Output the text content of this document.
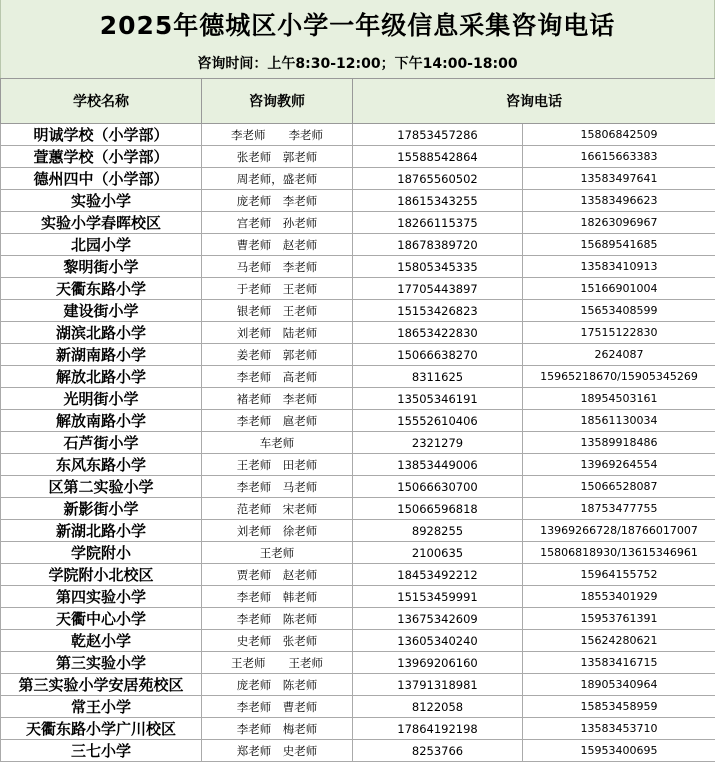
2025年德城区小学一年级信息采集咨询电话
咨询时间：上午8:30-12:00；下午14:00-18:00
学校名称	咨询教师	咨询电话	
明诚学校（小学部）	李老师　　李老师	17853457286	15806842509
萱蕙学校（小学部）	张老师　郭老师	15588542864	16615663383
德州四中（小学部）	周老师，盛老师	18765560502	13583497641
实验小学	庞老师　李老师	18615343255	13583496623
实验小学春晖校区	宫老师　孙老师	18266115375	18263096967
北园小学	曹老师　赵老师	18678389720	15689541685
黎明街小学	马老师　李老师	15805345335	13583410913
天衢东路小学	于老师　王老师	17705443897	15166901004
建设街小学	银老师　王老师	15153426823	15653408599
湖滨北路小学	刘老师　陆老师	18653422830	17515122830
新湖南路小学	姜老师　郭老师	15066638270	2624087
解放北路小学	李老师　高老师	8311625	15965218670/15905345269
光明街小学	褚老师　李老师	13505346191	18954503161
解放南路小学	李老师　扈老师	15552610406	18561130034
石芦街小学	车老师	2321279	13589918486
东风东路小学	王老师　田老师	13853449006	13969264554
区第二实验小学	李老师　马老师	15066630700	15066528087
新影街小学	范老师　宋老师	15066596818	18753477755
新湖北路小学	刘老师　徐老师	8928255	13969266728/18766017007
学院附小	王老师	2100635	15806818930/13615346961
学院附小北校区	贾老师　赵老师	18453492212	15964155752
第四实验小学	李老师　韩老师	15153459991	18553401929
天衢中心小学	李老师　陈老师	13675342609	15953761391
乾赵小学	史老师　张老师	13605340240	15624280621
第三实验小学	王老师　　王老师	13969206160	13583416715
第三实验小学安居苑校区	庞老师　陈老师	13791318981	18905340964
常王小学	李老师　曹老师	8122058	15853458959
天衢东路小学广川校区	李老师　梅老师	17864192198	13583453710
三七小学	郑老师　史老师	8253766	15953400695
